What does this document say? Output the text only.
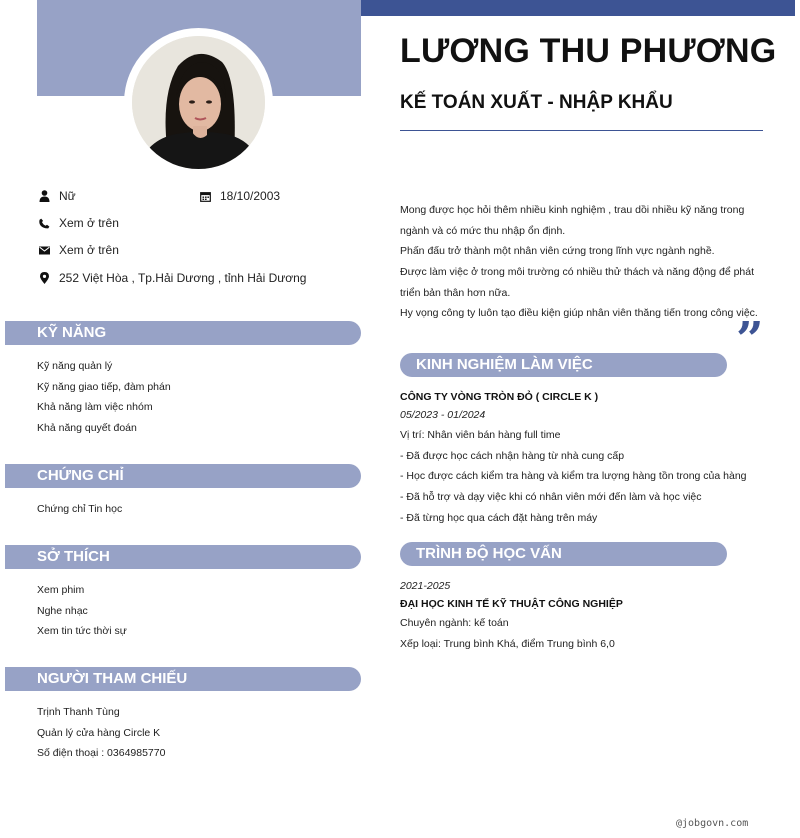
LƯƠNG THU PHƯƠNG
KẾ TOÁN XUẤT - NHẬP KHẨU
Nữ	18/10/2003
Xem ở trên
Xem ở trên
252 Việt Hòa , Tp.Hải Dương , tỉnh Hải Dương
KỸ NĂNG
Kỹ năng quản lý
Kỹ năng giao tiếp, đàm phán
Khả năng làm việc nhóm
Khả năng quyết đoán
CHỨNG CHỈ
Chứng chỉ Tin học
SỞ THÍCH
Xem phim
Nghe nhạc
Xem tin tức thời sự
NGƯỜI THAM CHIẾU
Trịnh Thanh Tùng
Quản lý cửa hàng Circle K
Số điện thoại : 0364985770
Mong được học hỏi thêm nhiều kinh nghiệm , trau dồi nhiều kỹ năng trong
ngành và có mức thu nhập ổn định.
Phấn đấu trở thành một nhân viên cứng trong lĩnh vực ngành nghề.
Được làm việc ở trong môi trường có nhiều thử thách và năng động để phát
triển bản thân hơn nữa.
Hy vọng công ty luôn tạo điều kiện giúp nhân viên thăng tiến trong công việc.
”
KINH NGHIỆM LÀM VIỆC
CÔNG TY VÒNG TRÒN ĐỎ ( CIRCLE K )
05/2023 - 01/2024
Vị trí: Nhân viên bán hàng full time
- Đã được học cách nhận hàng từ nhà cung cấp
- Học được cách kiểm tra hàng và kiểm tra lượng hàng tồn trong của hàng
- Đã hỗ trợ và dạy việc khi có nhân viên mới đến làm và học việc
- Đã từng học qua cách đặt hàng trên máy
TRÌNH ĐỘ HỌC VẤN
2021-2025
ĐẠI HỌC KINH TẾ KỸ THUẬT CÔNG NGHIỆP
Chuyên ngành: kế toán
Xếp loại: Trung bình Khá, điểm Trung bình 6,0
@jobgovn.com
